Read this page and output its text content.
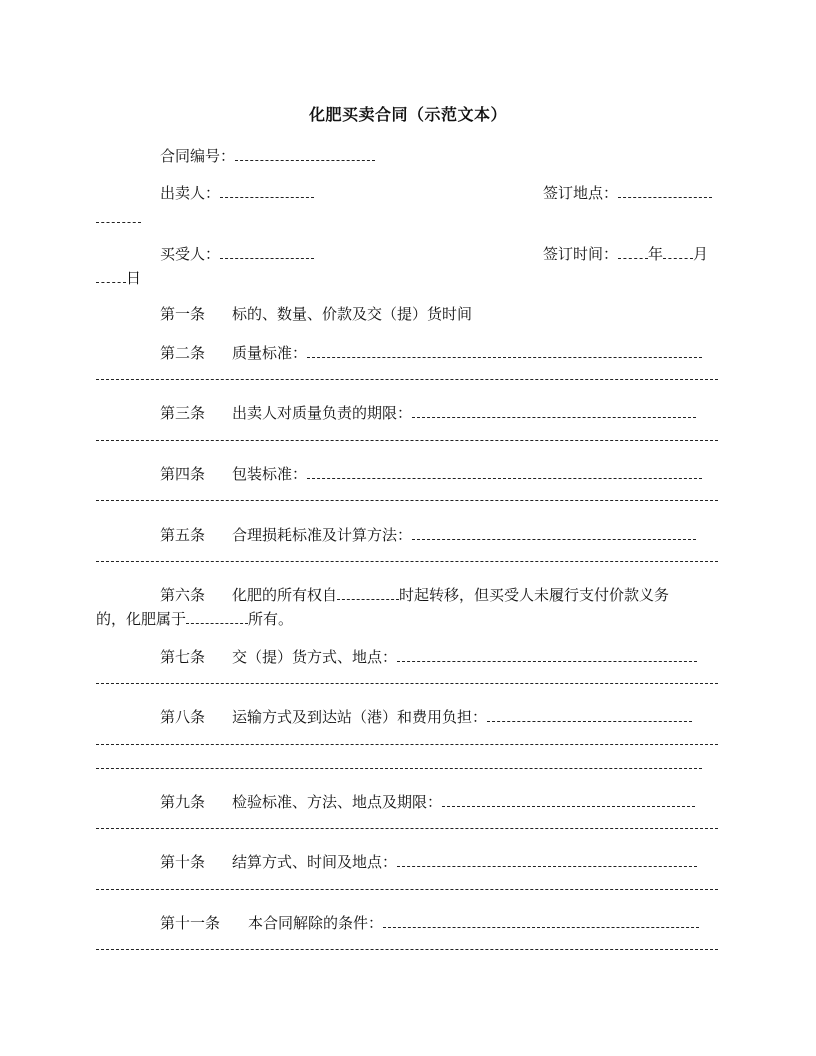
化肥买卖合同（示范文本）
合同编号：
出卖人：	签订地点：
买受人：	签订时间： 年 月
日
第一条 标的、数量、价款及交（提）货时间
第二条 质量标准：
第三条 出卖人对质量负责的期限：
第四条 包装标准：
第五条 合理损耗标准及计算方法：
第六条 化肥的所有权自	时起转移，但买受人未履行支付价款义务
的，化肥属于	所有。
第七条 交（提）货方式、地点：
第八条 运输方式及到达站（港）和费用负担：
第九条 检验标准、方法、地点及期限：
第十条 结算方式、时间及地点：
第十一条 本合同解除的条件：
